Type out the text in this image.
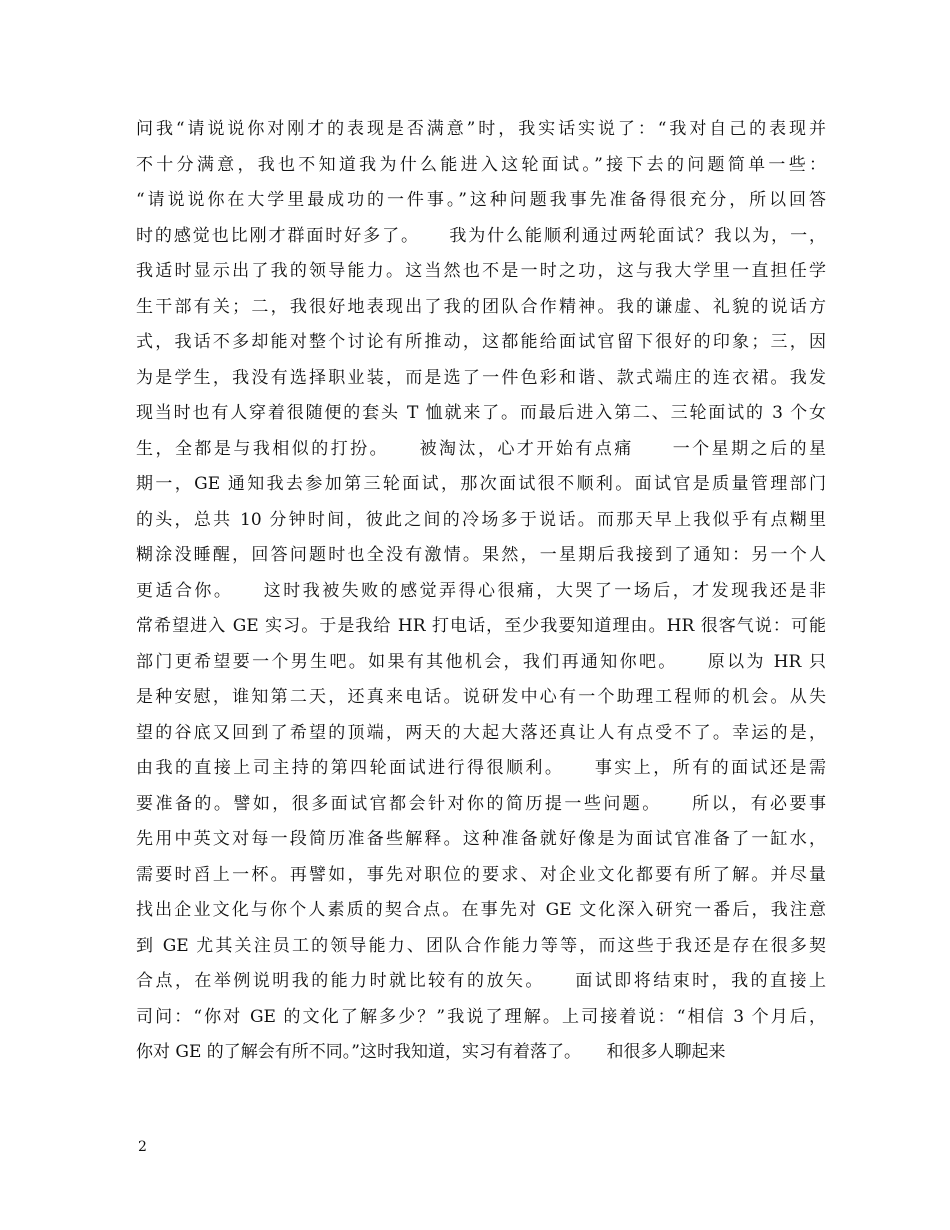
问我“请说说你对刚才的表现是否满意”时，我实话实说了：“我对自己的表现并
不十分满意，我也不知道我为什么能进入这轮面试。”接下去的问题简单一些：
“请说说你在大学里最成功的一件事。”这种问题我事先准备得很充分，所以回答
时的感觉也比刚才群面时好多了。　　我为什么能顺利通过两轮面试？我以为，一，
我适时显示出了我的领导能力。这当然也不是一时之功，这与我大学里一直担任学
生干部有关；二，我很好地表现出了我的团队合作精神。我的谦虚、礼貌的说话方
式，我话不多却能对整个讨论有所推动，这都能给面试官留下很好的印象；三，因
为是学生，我没有选择职业装，而是选了一件色彩和谐、款式端庄的连衣裙。我发
现当时也有人穿着很随便的套头 T 恤就来了。而最后进入第二、三轮面试的 3 个女
生，全都是与我相似的打扮。　　被淘汰，心才开始有点痛　　一个星期之后的星
期一，GE 通知我去参加第三轮面试，那次面试很不顺利。面试官是质量管理部门
的头，总共 10 分钟时间，彼此之间的冷场多于说话。而那天早上我似乎有点糊里
糊涂没睡醒，回答问题时也全没有激情。果然，一星期后我接到了通知：另一个人
更适合你。　　这时我被失败的感觉弄得心很痛，大哭了一场后，才发现我还是非
常希望进入 GE 实习。于是我给 HR 打电话，至少我要知道理由。HR 很客气说：可能
部门更希望要一个男生吧。如果有其他机会，我们再通知你吧。　　原以为 HR 只
是种安慰，谁知第二天，还真来电话。说研发中心有一个助理工程师的机会。从失
望的谷底又回到了希望的顶端，两天的大起大落还真让人有点受不了。幸运的是，
由我的直接上司主持的第四轮面试进行得很顺利。　　事实上，所有的面试还是需
要准备的。譬如，很多面试官都会针对你的简历提一些问题。　　所以，有必要事
先用中英文对每一段简历准备些解释。这种准备就好像是为面试官准备了一缸水，
需要时舀上一杯。再譬如，事先对职位的要求、对企业文化都要有所了解。并尽量
找出企业文化与你个人素质的契合点。在事先对 GE 文化深入研究一番后，我注意
到 GE 尤其关注员工的领导能力、团队合作能力等等，而这些于我还是存在很多契
合点，在举例说明我的能力时就比较有的放矢。　　面试即将结束时，我的直接上
司问：“你对 GE 的文化了解多少？”我说了理解。上司接着说：“相信 3 个月后，
你对 GE 的了解会有所不同。”这时我知道，实习有着落了。　　和很多人聊起来
2
